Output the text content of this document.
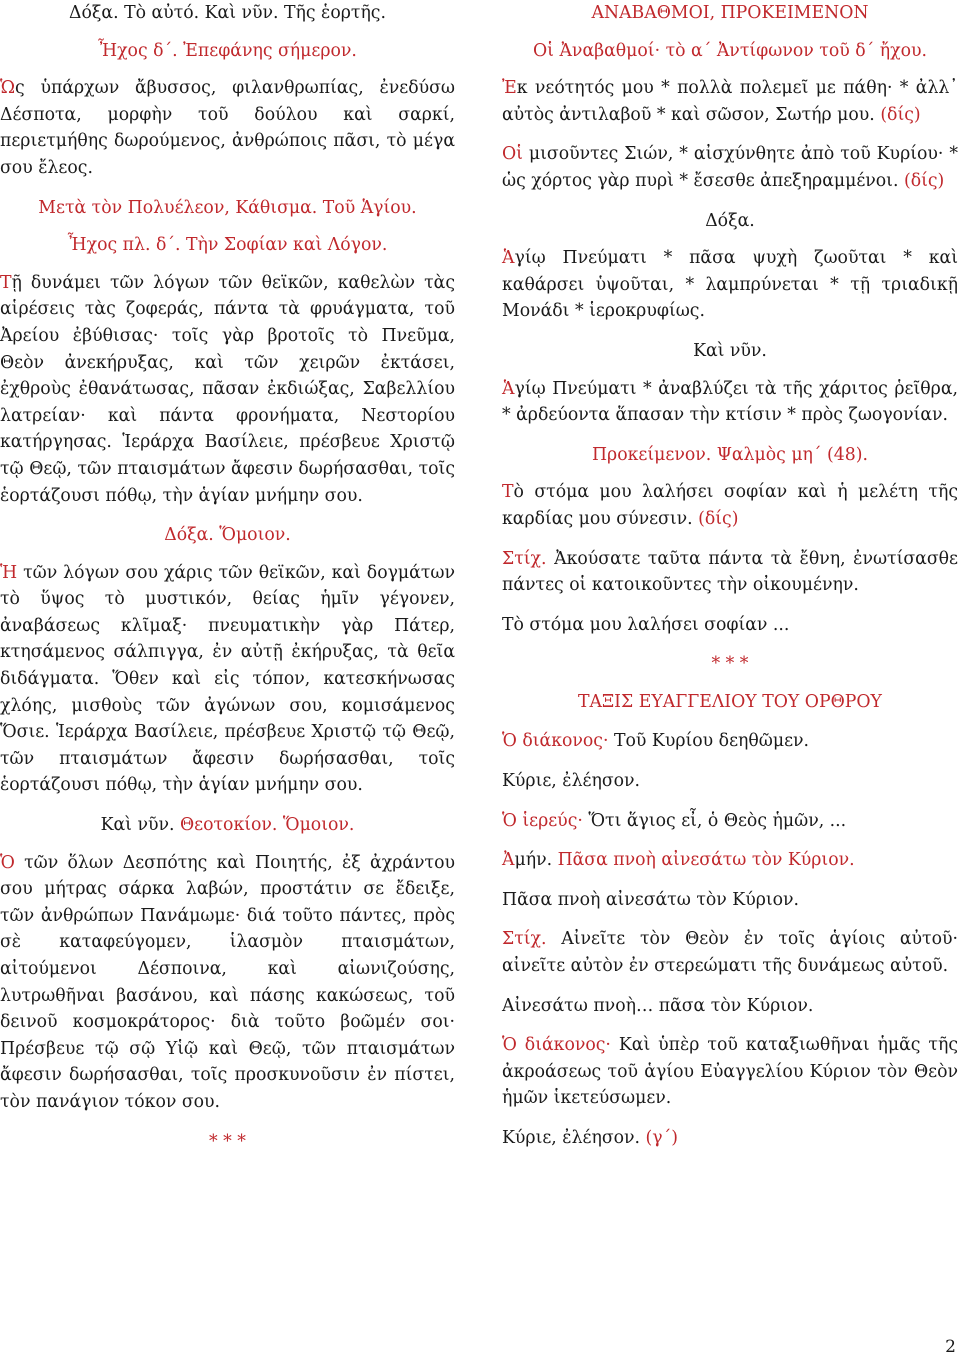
Δόξα. Τὸ αὐτό. Καὶ νῦν. Τῆς ἑορτῆς.

Ἦχος δ΄. Ἐπεφάνης σήμερον.

Ὡς ὑπάρχων ἄβυσσος, φιλανθρωπίας, ἐνεδύσω Δέσποτα, μορφὴν τοῦ δούλου καὶ σαρκί, περιετμήθης δωρούμενος, ἀνθρώποις πᾶσι, τὸ μέγα σου ἔλεος.

Μετὰ τὸν Πολυέλεον, Κάθισμα. Τοῦ Ἁγίου.

Ἦχος πλ. δ΄. Τὴν Σοφίαν καὶ Λόγον.

Τῇ δυνάμει τῶν λόγων τῶν θεϊκῶν, καθελὼν τὰς αἱρέσεις τὰς ζοφεράς, πάντα τὰ φρυάγματα, τοῦ Ἀρείου ἐβύθισας· τοῖς γὰρ βροτοῖς τὸ Πνεῦμα, Θεὸν ἀνεκήρυξας, καὶ τῶν χειρῶν ἐκτάσει, ἐχθροὺς ἐθανάτωσας, πᾶσαν ἐκδιώξας, Σαβελλίου λατρείαν· καὶ πάντα φρονήματα, Νεστορίου κατήργησας. Ἱεράρχα Βασίλειε, πρέσβευε Χριστῷ τῷ Θεῷ, τῶν πταισμάτων ἄφεσιν δωρήσασθαι, τοῖς ἑορτάζουσι πόθῳ, τὴν ἁγίαν μνήμην σου.

Δόξα. Ὅμοιον.

Ἡ τῶν λόγων σου χάρις τῶν θεϊκῶν, καὶ δογμάτων τὸ ὕψος τὸ μυστικόν, θείας ἡμῖν γέγονεν, ἀναβάσεως κλῖμαξ· πνευματικὴν γὰρ Πάτερ, κτησάμενος σάλπιγγα, ἐν αὐτῇ ἐκήρυξας, τὰ θεῖα διδάγματα. Ὅθεν καὶ εἰς τόπον, κατεσκήνωσας χλόης, μισθοὺς τῶν ἀγώνων σου, κομισάμενος Ὅσιε. Ἱεράρχα Βασίλειε, πρέσβευε Χριστῷ τῷ Θεῷ, τῶν πταισμάτων ἄφεσιν δωρήσασθαι, τοῖς ἑορτάζουσι πόθῳ, τὴν ἁγίαν μνήμην σου.

Καὶ νῦν. Θεοτοκίον. Ὅμοιον.

Ὁ τῶν ὅλων Δεσπότης καὶ Ποιητής, ἐξ ἀχράντου σου μήτρας σάρκα λαβών, προστάτιν σε ἔδειξε, τῶν ἀνθρώπων Πανάμωμε· διά τοῦτο πάντες, πρὸς σὲ καταφεύγομεν, ἱλασμὸν πταισμάτων, αἰτούμενοι Δέσποινα, καὶ αἰωνιζούσης, λυτρωθῆναι βασάνου, καὶ πάσης κακώσεως, τοῦ δεινοῦ κοσμοκράτορος· διὰ τοῦτο βοῶμέν σοι· Πρέσβευε τῷ σῷ Υἱῷ καὶ Θεῷ, τῶν πταισμάτων ἄφεσιν δωρήσασθαι, τοῖς προσκυνοῦσιν ἐν πίστει, τὸν πανάγιον τόκον σου.

* * *

ΑΝΑΒΑΘΜΟΙ, ΠΡΟΚΕΙΜΕΝΟΝ

Οἱ Ἀναβαθμοί· τὸ α΄ Ἀντίφωνον τοῦ δ΄ ἤχου.

Ἐκ νεότητός μου * πολλὰ πολεμεῖ με πάθη· * ἀλλ᾽ αὐτὸς ἀντιλαβοῦ * καὶ σῶσον, Σωτήρ μου. (δίς)

Οἱ μισοῦντες Σιών, * αἰσχύνθητε ἀπὸ τοῦ Κυρίου· * ὡς χόρτος γὰρ πυρὶ * ἔσεσθε ἀπεξηραμμένοι. (δίς)

Δόξα.

Ἁγίῳ Πνεύματι * πᾶσα ψυχὴ ζωοῦται * καὶ καθάρσει ὑψοῦται, * λαμπρύνεται * τῇ τριαδικῇ Μονάδι * ἱεροκρυφίως.

Καὶ νῦν.

Ἁγίῳ Πνεύματι * ἀναβλύζει τὰ τῆς χάριτος ῥεῖθρα, * ἀρδεύοντα ἅπασαν τὴν κτίσιν * πρὸς ζωογονίαν.

Προκείμενον. Ψαλμὸς μη΄ (48).

Τὸ στόμα μου λαλήσει σοφίαν καὶ ἡ μελέτη τῆς καρδίας μου σύνεσιν. (δίς)

Στίχ. Ἀκούσατε ταῦτα πάντα τὰ ἔθνη, ἐνωτίσασθε πάντες οἱ κατοικοῦντες τὴν οἰκουμένην.

Τὸ στόμα μου λαλήσει σοφίαν ...

* * *

ΤΑΞΙΣ ΕΥΑΓΓΕΛΙΟΥ ΤΟΥ ΟΡΘΡΟΥ

Ὁ διάκονος· Τοῦ Κυρίου δεηθῶμεν.

Κύριε, ἐλέησον.

Ὁ ἱερεύς· Ὅτι ἅγιος εἶ, ὁ Θεὸς ἡμῶν, ...

Ἀμήν. Πᾶσα πνοὴ αἰνεσάτω τὸν Κύριον.

Πᾶσα πνοὴ αἰνεσάτω τὸν Κύριον.

Στίχ. Αἰνεῖτε τὸν Θεὸν ἐν τοῖς ἁγίοις αὐτοῦ· αἰνεῖτε αὐτὸν ἐν στερεώματι τῆς δυνάμεως αὐτοῦ.

Αἰνεσάτω πνοὴ… πᾶσα τὸν Κύριον.

Ὁ διάκονος· Καὶ ὑπὲρ τοῦ καταξιωθῆναι ἡμᾶς τῆς ἀκροάσεως τοῦ ἁγίου Εὐαγγελίου Κύριον τὸν Θεὸν ἡμῶν ἱκετεύσωμεν.

Κύριε, ἐλέησον. (γ΄)

2
